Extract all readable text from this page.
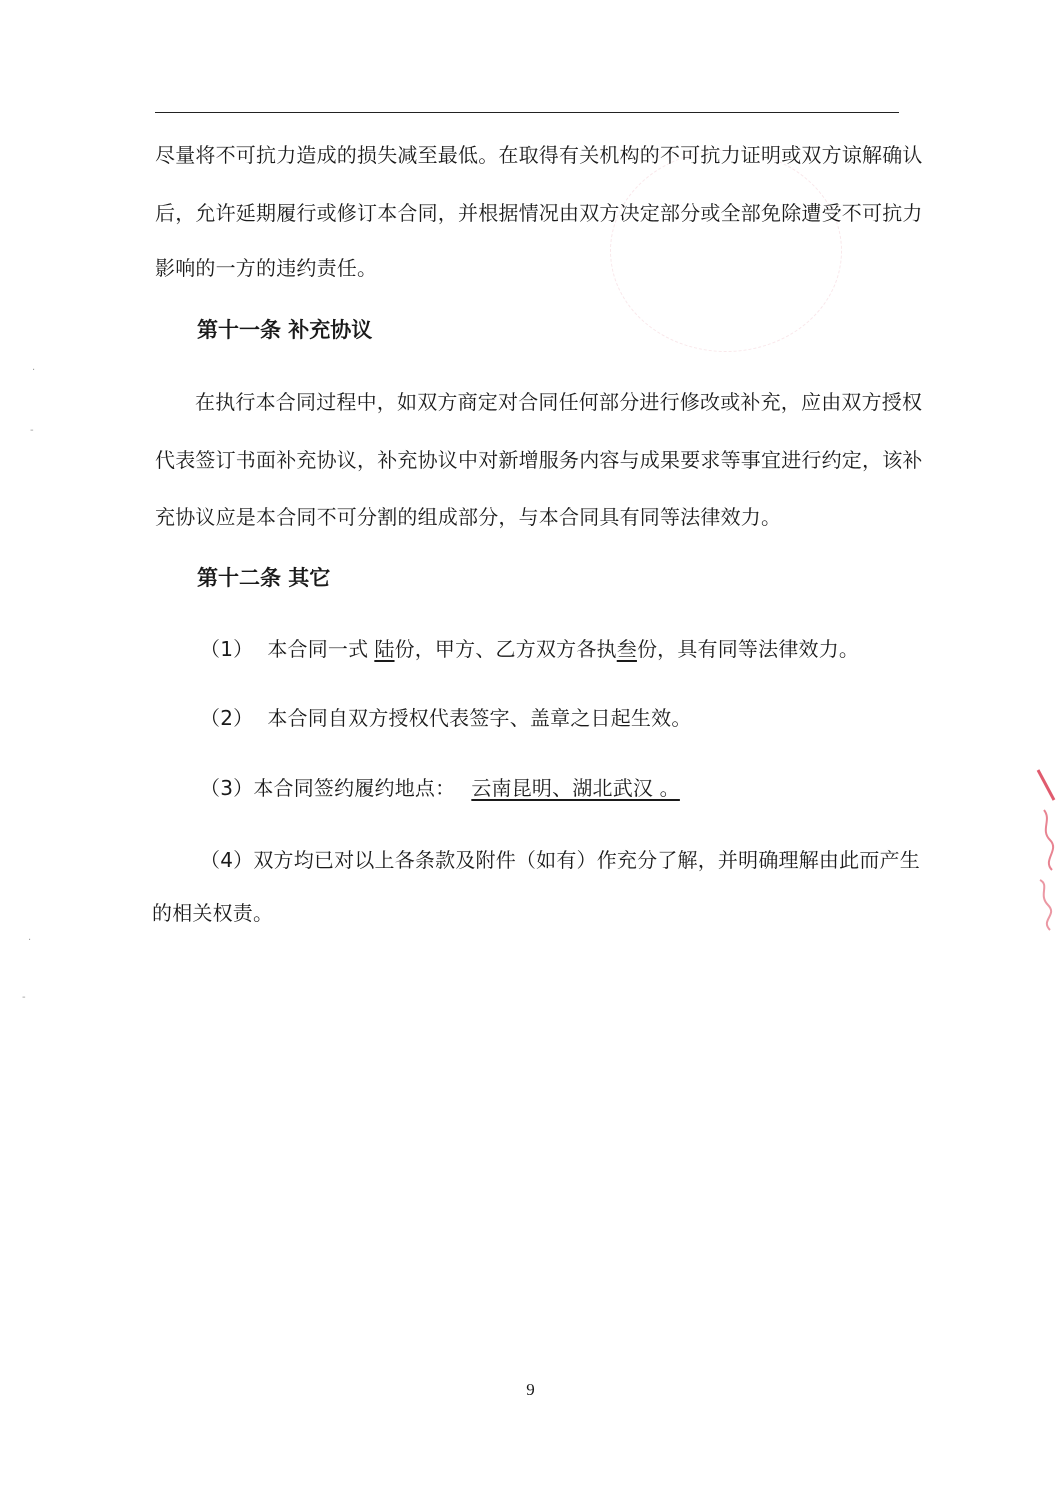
尽量将不可抗力造成的损失减至最低。在取得有关机构的不可抗力证明或双方谅解确认
后，允许延期履行或修订本合同，并根据情况由双方决定部分或全部免除遭受不可抗力
影响的一方的违约责任。
第十一条 补充协议
在执行本合同过程中，如双方商定对合同任何部分进行修改或补充，应由双方授权
代表签订书面补充协议，补充协议中对新增服务内容与成果要求等事宜进行约定，该补
充协议应是本合同不可分割的组成部分，与本合同具有同等法律效力。
第十二条 其它
（1） 本合同一式 陆份，甲方、乙方双方各执叁份，具有同等法律效力。
（2） 本合同自双方授权代表签字、盖章之日起生效。
（3）本合同签约履约地点： 云南昆明、湖北武汉 。
（4）双方均已对以上各条款及附件（如有）作充分了解，并明确理解由此而产生
的相关权责。
·
-
·
-
9
